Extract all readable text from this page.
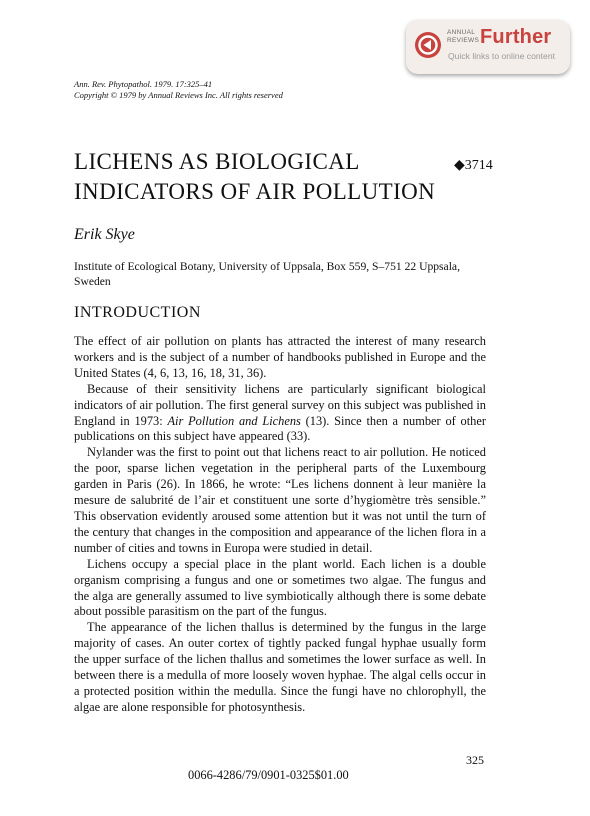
ANNUAL
REVIEWS Further
Quick links to online content
Ann. Rev. Phytopathol. 1979. 17:325–41
Copyright © 1979 by Annual Reviews Inc. All rights reserved
LICHENS AS BIOLOGICAL
INDICATORS OF AIR POLLUTION
◆3714
Erik Skye
Institute of Ecological Botany, University of Uppsala, Box 559, S–751 22 Uppsala, Sweden
INTRODUCTION

The effect of air pollution on plants has attracted the interest of many research workers and is the subject of a number of handbooks published in Europe and the United States (4, 6, 13, 16, 18, 31, 36).

Because of their sensitivity lichens are particularly significant biological indicators of air pollution. The first general survey on this subject was published in England in 1973: Air Pollution and Lichens (13). Since then a number of other publications on this subject have appeared (33).

Nylander was the first to point out that lichens react to air pollution. He noticed the poor, sparse lichen vegetation in the peripheral parts of the Luxembourg garden in Paris (26). In 1866, he wrote: “Les lichens donnent à leur manière la mesure de salubrité de l’air et constituent une sorte d’hygiomètre très sensible.” This observation evidently aroused some attention but it was not until the turn of the century that changes in the composition and appearance of the lichen flora in a number of cities and towns in Europa were studied in detail.

Lichens occupy a special place in the plant world. Each lichen is a double organism comprising a fungus and one or sometimes two algae. The fungus and the alga are generally assumed to live symbiotically although there is some debate about possible parasitism on the part of the fungus.

The appearance of the lichen thallus is determined by the fungus in the large majority of cases. An outer cortex of tightly packed fungal hyphae usually form the upper surface of the lichen thallus and sometimes the lower surface as well. In between there is a medulla of more loosely woven hyphae. The algal cells occur in a protected position within the medulla. Since the fungi have no chlorophyll, the algae are alone responsible for photosynthesis.

325
0066-4286/79/0901-0325$01.00
